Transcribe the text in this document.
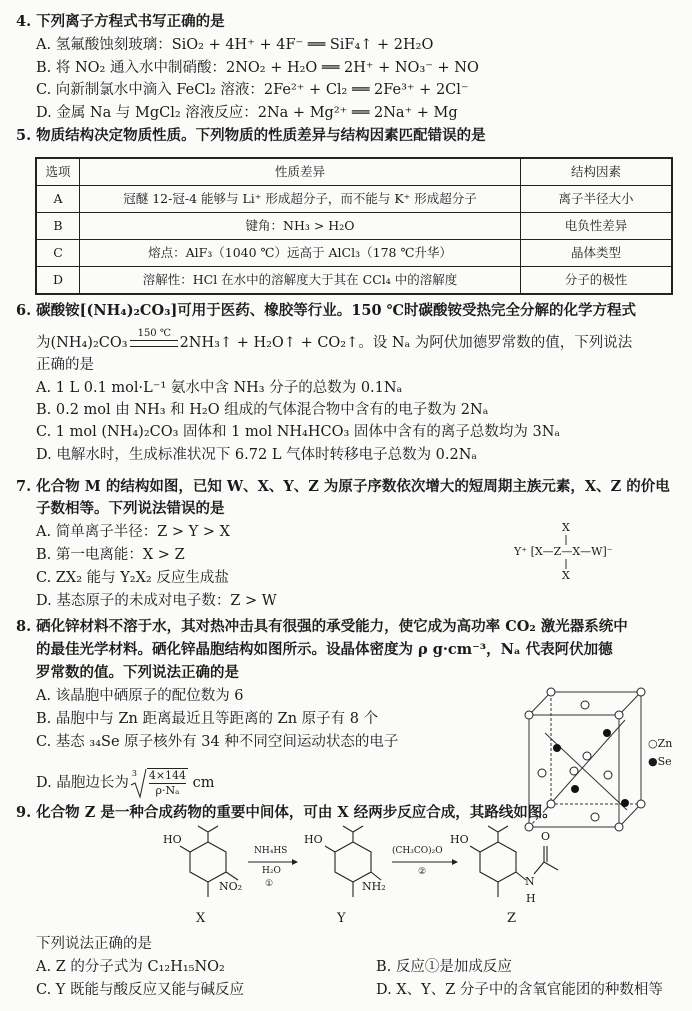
4. 下列离子方程式书写正确的是
A. 氢氟酸蚀刻玻璃：SiO₂ + 4H⁺ + 4F⁻ ══ SiF₄↑ + 2H₂O
B. 将 NO₂ 通入水中制硝酸：2NO₂ + H₂O ══ 2H⁺ + NO₃⁻ + NO
C. 向新制氯水中滴入 FeCl₂ 溶液：2Fe²⁺ + Cl₂ ══ 2Fe³⁺ + 2Cl⁻
D. 金属 Na 与 MgCl₂ 溶液反应：2Na + Mg²⁺ ══ 2Na⁺ + Mg
5. 物质结构决定物质性质。下列物质的性质差异与结构因素匹配错误的是
选项	性质差异	结构因素
A	冠醚 12-冠-4 能够与 Li⁺ 形成超分子，而不能与 K⁺ 形成超分子	离子半径大小
B	键角：NH₃ > H₂O	电负性差异
C	熔点：AlF₃（1040 ℃）远高于 AlCl₃（178 ℃升华）	晶体类型
D	溶解性：HCl 在水中的溶解度大于其在 CCl₄ 中的溶解度	分子的极性
6. 碳酸铵[(NH₄)₂CO₃]可用于医药、橡胶等行业。150 ℃时碳酸铵受热完全分解的化学方程式
为(NH₄)₂CO₃
150 ℃
2NH₃↑ + H₂O↑ + CO₂↑。设 Nₐ 为阿伏加德罗常数的值，下列说法
正确的是
A. 1 L 0.1 mol·L⁻¹ 氨水中含 NH₃ 分子的总数为 0.1Nₐ
B. 0.2 mol 由 NH₃ 和 H₂O 组成的气体混合物中含有的电子数为 2Nₐ
C. 1 mol (NH₄)₂CO₃ 固体和 1 mol NH₄HCO₃ 固体中含有的离子总数均为 3Nₐ
D. 电解水时，生成标准状况下 6.72 L 气体时转移电子总数为 0.2Nₐ
7. 化合物 M 的结构如图，已知 W、X、Y、Z 为原子序数依次增大的短周期主族元素，X、Z 的价电
子数相等。下列说法错误的是
A. 简单离子半径：Z > Y > X
B. 第一电离能：X > Z
C. ZX₂ 能与 Y₂X₂ 反应生成盐
D. 基态原子的未成对电子数：Z > W
X
Y⁺ [X—Z—X—W]⁻
X
8. 硒化锌材料不溶于水，其对热冲击具有很强的承受能力，使它成为高功率 CO₂ 激光器系统中
的最佳光学材料。硒化锌晶胞结构如图所示。设晶体密度为 ρ g·cm⁻³，Nₐ 代表阿伏加德
罗常数的值。下列说法正确的是
A. 该晶胞中硒原子的配位数为 6
B. 晶胞中与 Zn 距离最近且等距离的 Zn 原子有 8 个
C. 基态 ₃₄Se 原子核外有 34 种不同空间运动状态的电子
D. 晶胞边长为
$3 \frac{4\times 144}{\text{ρ·Nₐ}}$ cm
○Zn
●Se
9. 化合物 Z 是一种合成药物的重要中间体，可由 X 经两步反应合成，其路线如图。
HO
NO₂
HO
NH₂
HO
N
H
O
NH₄HS
H₂O
①
(CH₃CO)₂O
②
X	Y	Z
下列说法正确的是
A. Z 的分子式为 C₁₂H₁₅NO₂	B. 反应①是加成反应
C. Y 既能与酸反应又能与碱反应	D. X、Y、Z 分子中的含氧官能团的种数相等
